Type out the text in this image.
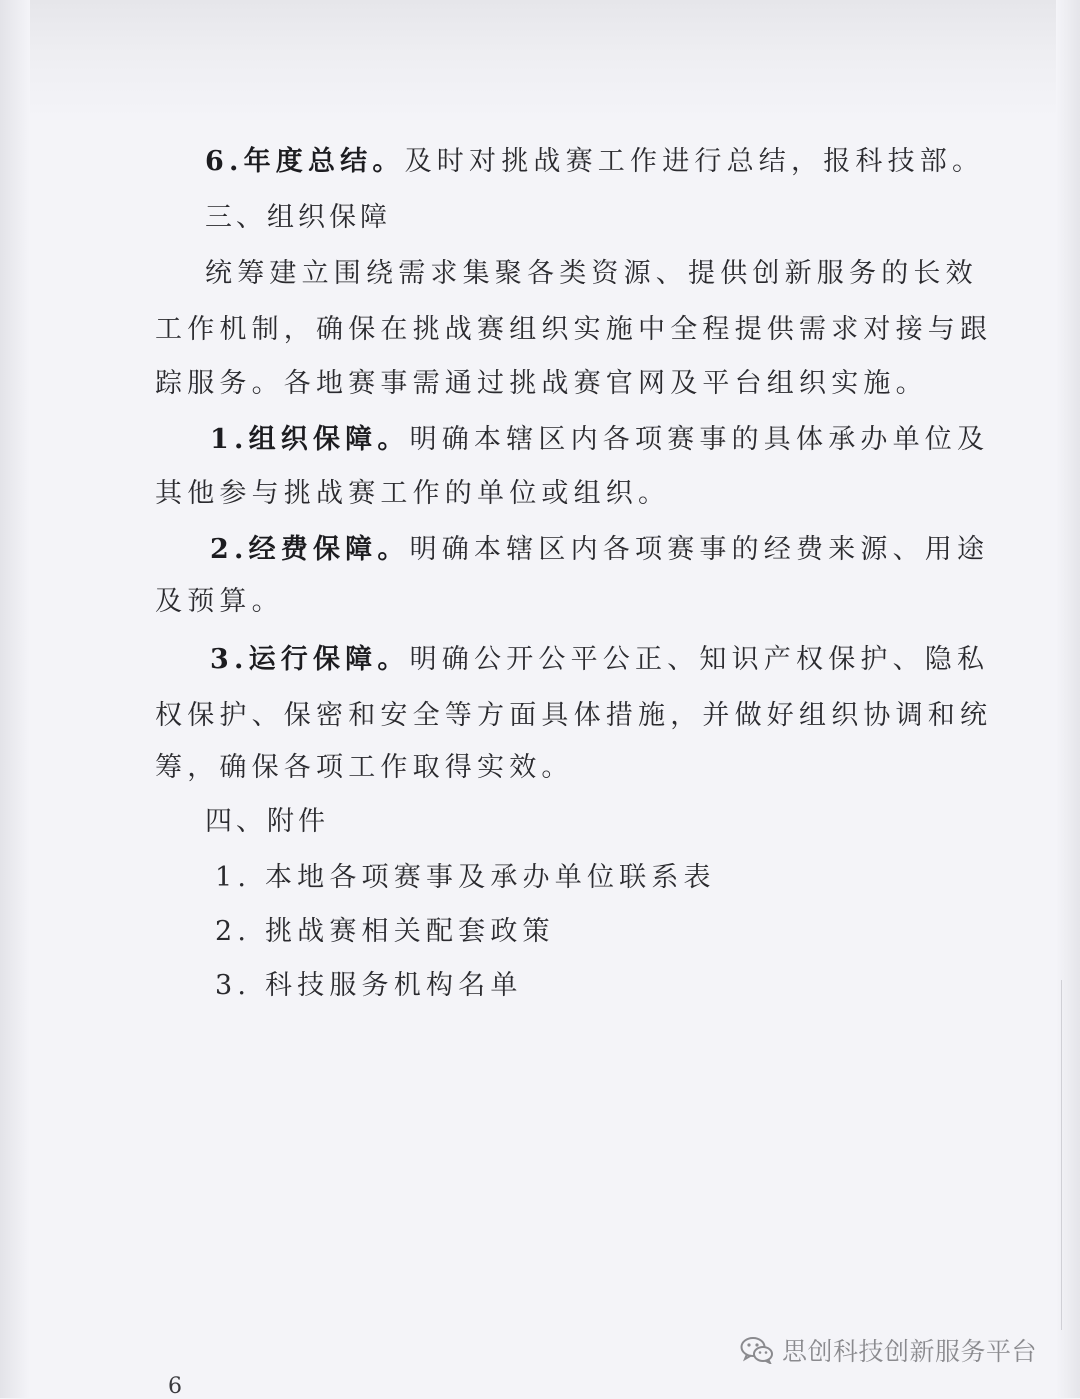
6.年度总结。及时对挑战赛工作进行总结，报科技部。

三、组织保障

统筹建立围绕需求集聚各类资源、提供创新服务的长效

工作机制，确保在挑战赛组织实施中全程提供需求对接与跟

踪服务。各地赛事需通过挑战赛官网及平台组织实施。

1.组织保障。明确本辖区内各项赛事的具体承办单位及

其他参与挑战赛工作的单位或组织。

2.经费保障。明确本辖区内各项赛事的经费来源、用途

及预算。

3.运行保障。明确公开公平公正、知识产权保护、隐私

权保护、保密和安全等方面具体措施，并做好组织协调和统

筹，确保各项工作取得实效。

四、附件

1. 本地各项赛事及承办单位联系表

2. 挑战赛相关配套政策

3. 科技服务机构名单

思创科技创新服务平台
6
